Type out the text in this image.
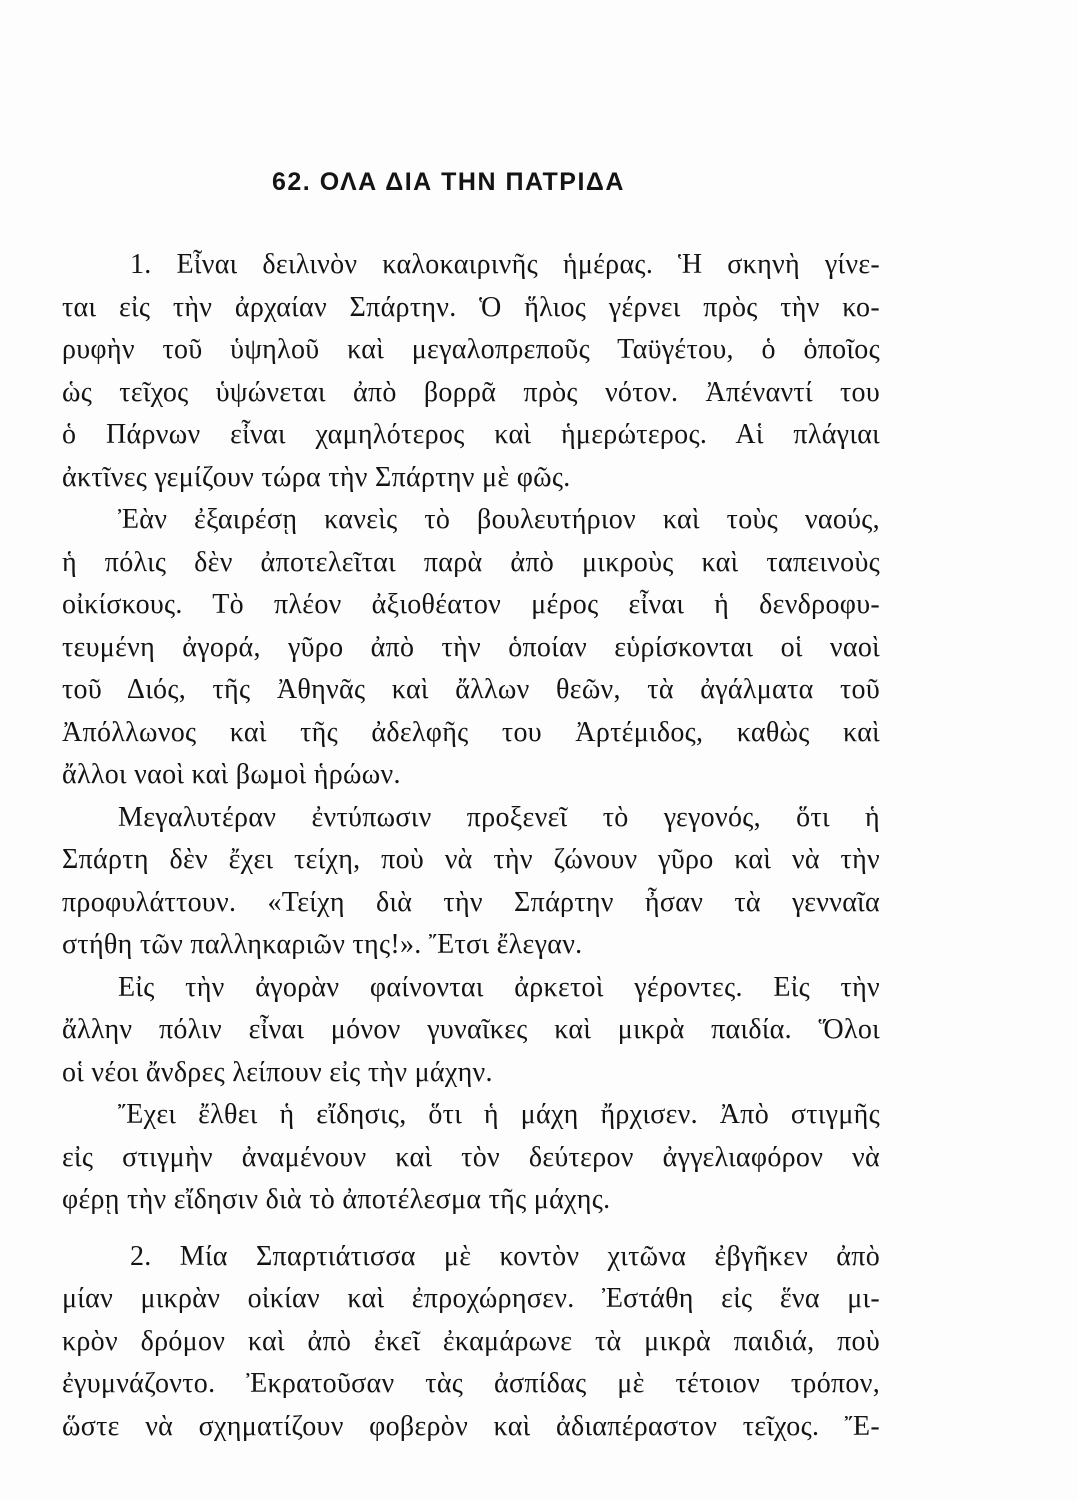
62. ΟΛΑ ΔΙΑ ΤΗΝ ΠΑΤΡΙΔΑ
1. Εἶναι δειλινὸν καλοκαιρινῆς ἡμέρας. Ἡ σκηνὴ γίνε-
ται εἰς τὴν ἀρχαίαν Σπάρτην. Ὁ ἥλιος γέρνει πρὸς τὴν κο-
ρυφὴν τοῦ ὑψηλοῦ καὶ μεγαλοπρεποῦς Ταϋγέτου, ὁ ὁποῖος
ὡς τεῖχος ὑψώνεται ἀπὸ βορρᾶ πρὸς νότον. Ἀπέναντί του
ὁ Πάρνων εἶναι χαμηλότερος καὶ ἡμερώτερος. Αἱ πλάγιαι
ἀκτῖνες γεμίζουν τώρα τὴν Σπάρτην μὲ φῶς.
Ἐὰν ἐξαιρέσῃ κανεὶς τὸ βουλευτήριον καὶ τοὺς ναούς,
ἡ πόλις δὲν ἀποτελεῖται παρὰ ἀπὸ μικροὺς καὶ ταπεινοὺς
οἰκίσκους. Τὸ πλέον ἀξιοθέατον μέρος εἶναι ἡ δενδροφυ-
τευμένη ἀγορά, γῦρο ἀπὸ τὴν ὁποίαν εὑρίσκονται οἱ ναοὶ
τοῦ Διός, τῆς Ἀθηνᾶς καὶ ἄλλων θεῶν, τὰ ἀγάλματα τοῦ
Ἀπόλλωνος καὶ τῆς ἀδελφῆς του Ἀρτέμιδος, καθὼς καὶ
ἄλλοι ναοὶ καὶ βωμοὶ ἡρώων.
Μεγαλυτέραν ἐντύπωσιν προξενεῖ τὸ γεγονός, ὅτι ἡ
Σπάρτη δὲν ἔχει τείχη, ποὺ νὰ τὴν ζώνουν γῦρο καὶ νὰ τὴν
προφυλάττουν. «Τείχη διὰ τὴν Σπάρτην ἦσαν τὰ γενναῖα
στήθη τῶν παλληκαριῶν της!». Ἔτσι ἔλεγαν.
Εἰς τὴν ἀγορὰν φαίνονται ἀρκετοὶ γέροντες. Εἰς τὴν
ἄλλην πόλιν εἶναι μόνον γυναῖκες καὶ μικρὰ παιδία. Ὅλοι
οἱ νέοι ἄνδρες λείπουν εἰς τὴν μάχην.
Ἔχει ἔλθει ἡ εἴδησις, ὅτι ἡ μάχη ἤρχισεν. Ἀπὸ στιγμῆς
εἰς στιγμὴν ἀναμένουν καὶ τὸν δεύτερον ἀγγελιαφόρον νὰ
φέρῃ τὴν εἴδησιν διὰ τὸ ἀποτέλεσμα τῆς μάχης.
2. Μία Σπαρτιάτισσα μὲ κοντὸν χιτῶνα ἐβγῆκεν ἀπὸ
μίαν μικρὰν οἰκίαν καὶ ἐπροχώρησεν. Ἐστάθη εἰς ἕνα μι-
κρὸν δρόμον καὶ ἀπὸ ἐκεῖ ἐκαμάρωνε τὰ μικρὰ παιδιά, ποὺ
ἐγυμνάζοντο. Ἐκρατοῦσαν τὰς ἀσπίδας μὲ τέτοιον τρόπον,
ὥστε νὰ σχηματίζουν φοβερὸν καὶ ἀδιαπέραστον τεῖχος. Ἔ-
